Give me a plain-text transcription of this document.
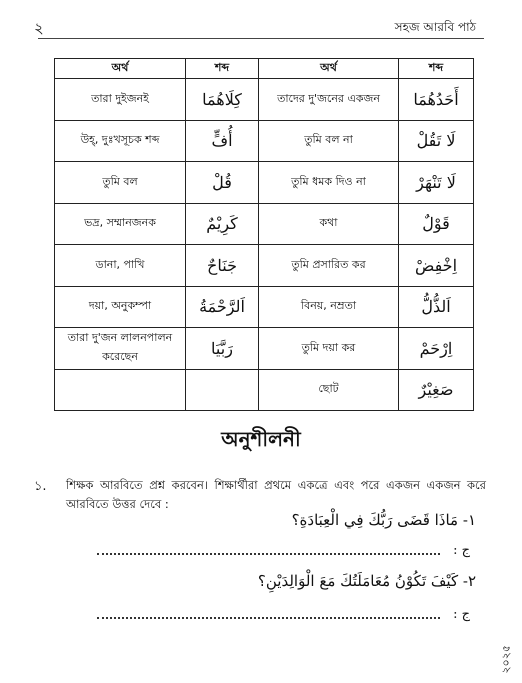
২	সহজ আরবি পাঠ
অর্থ	শব্দ	অর্থ	শব্দ
তারা দুইজনই	كِلَاهُمَا	তাদের দু'জনের একজন	أَحَدُهُمَا
উহ্, দুঃখসূচক শব্দ	أُفٍّ	তুমি বল না	لَا تَقُلْ
তুমি বল	قُلْ	তুমি ধমক দিও না	لَا تَنْهَرْ
ভদ্র, সম্মানজনক	كَرِيْمٌ	কথা	قَوْلٌ
ডানা, পাখি	جَنَاحٌ	তুমি প্রসারিত কর	اِخْفِضْ
দয়া, অনুকম্পা	اَلرَّحْمَةُ	বিনয়, নম্রতা	اَلذُّلُّ
তারা দু'জন লালনপালন করেছেন	رَبَّيَا	তুমি দয়া কর	اِرْحَمْ
		ছোট	صَغِيْرٌ
অনুশীলনী
১. শিক্ষক আরবিতে প্রশ্ন করবেন। শিক্ষার্থীরা প্রথমে একত্রে এবং পরে একজন একজন করে আরবিতে উত্তর দেবে :
١- مَاذَا قَضَى رَبُّكَ فِي الْعِبَادَةِ؟
ج :
٢- كَيْفَ تَكُوْنُ مُعَامَلَتُكَ مَعَ الْوَالِدَيْنِ؟
ج :
২০২৫
